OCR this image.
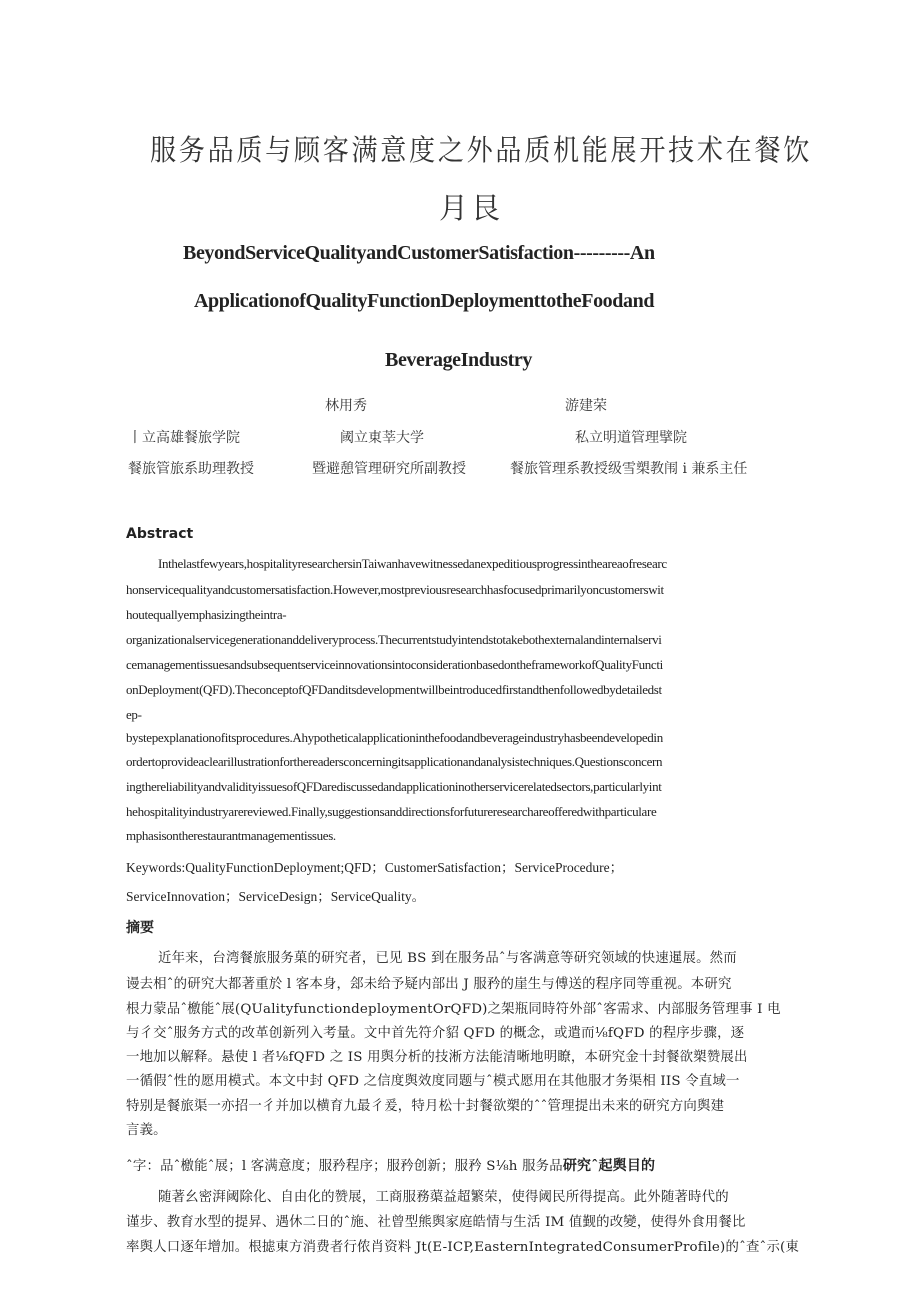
服务品质与顾客满意度之外品质机能展开技术在餐饮
月艮
BeyondServiceQualityandCustomerSatisfaction---------An
ApplicationofQualityFunctionDeploymenttotheFoodand
BeverageIndustry
林用秀	游建荣
丨立高雄餐旅学院	阈立東莘大学	私立明道管理擘院
餐旅管旅系助理教授	暨避憩管理研究所副教授	餐旅管理系教授级雪槊教闱 i 兼系主任
Abstract
Inthelastfewyears,hospitalityresearchersinTaiwanhavewitnessedanexpeditiousprogressintheareaofresearc
honservicequalityandcustomersatisfaction.However,mostpreviousresearchhasfocusedprimarilyoncustomerswit
houtequallyemphasizingtheintra-
organizationalservicegenerationanddeliveryprocess.Thecurrentstudyintendstotakebothexternalandinternalservi
cemanagementissuesandsubsequentserviceinnovationsintoconsiderationbasedontheframeworkofQualityFuncti
onDeployment(QFD).TheconceptofQFDanditsdevelopmentwillbeintroducedfirstandthenfollowedbydetailedst
ep-
bystepexplanationofitsprocedures.Ahypotheticalapplicationinthefoodandbeverageindustryhasbeendevelopedin
ordertoprovideaclearillustrationforthereadersconcerningitsapplicationandanalysistechniques.Questionsconcern
ingthereliabilityandvalidityissuesofQFDarediscussedandapplicationinotherservicerelatedsectors,particularlyint
hehospitalityindustryarereviewed.Finally,suggestionsanddirectionsforfutureresearchareofferedwithparticulare
mphasisontherestaurantmanagementissues.
Keywords:QualityFunctionDeployment;QFD；CustomerSatisfaction；ServiceProcedure；
ServiceInnovation；ServiceDesign；ServiceQuality。
摘要
近年来，台湾餐旅服务菓的研究者，已见 BS 到在服务品ˆ与客满意等研究领域的快速暹展。然而
谩去相ˆ的研究大都著重於 l 客本身，郐未给予疑内部出 J 服矜的崖生与傅送的程序同等重视。本研究
根力蒙品ˆ檄能ˆ展(QUalityfunctiondeploymentOrQFD)之架瓶同時符外部ˆ客需求、内部服务管理事 I 电
与彳交ˆ服务方式的改革创新列入考量。文中首先符介貂 QFD 的概念，或遣而⅛fQFD 的程序步骤，逐
一地加以解释。悬使 l 者⅛fQFD 之 IS 用舆分析的技淅方法能清晰地明瞭，本研究金十封餐欲槊赞展出
一循假ˆ性的愿用模式。本文中封 QFD 之信度舆效度同题与ˆ模式愿用在其他服才务渠相 IIS 令直域一
特别是餐旅渠一亦招一彳并加以横育九最彳爰，特月松十封餐欲槊的ˆˆ管理提出未来的研究方向舆建
言義。
ˆ字：品ˆ檄能ˆ展；l 客满意度；服矜程序；服矜创新；服矜 S⅛h 服务品研究ˆ起舆目的
随著幺密湃阈除化、自由化的赞展，工商服務蕖益超繁荣，使得阈民所得提高。此外随著時代的
谨步、教育水型的提昇、遇休二日的ˆ施、社曾型熊舆家庭皓情与生活 IM 值觐的改變，使得外食用餐比
率舆人口逐年增加。根摅東方消费者行侬肖资料 Jt(E-ICP,EasternIntegratedConsumerProfile)的ˆ查ˆ示(東
